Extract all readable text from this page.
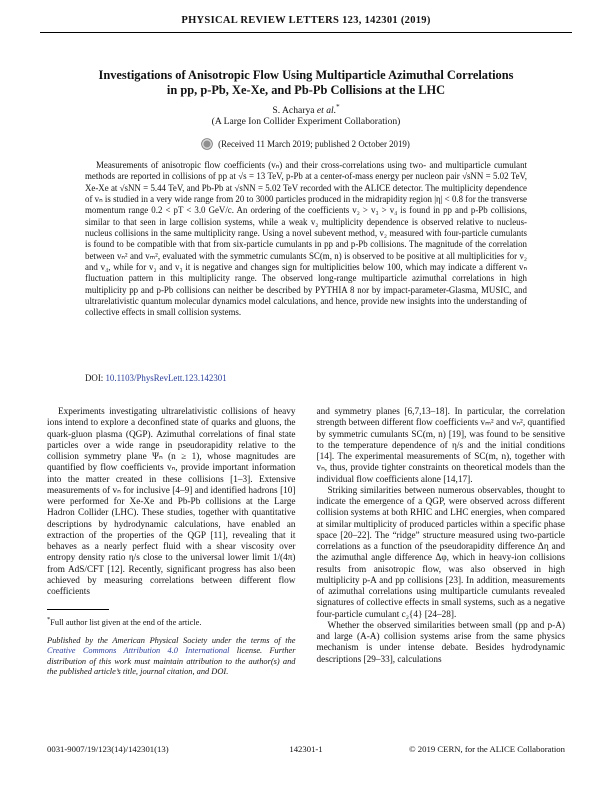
PHYSICAL REVIEW LETTERS 123, 142301 (2019)
Investigations of Anisotropic Flow Using Multiparticle Azimuthal Correlations
in pp, p-Pb, Xe-Xe, and Pb-Pb Collisions at the LHC
S. Acharya et al.*
(A Large Ion Collider Experiment Collaboration)
(Received 11 March 2019; published 2 October 2019)
Measurements of anisotropic flow coefficients (vₙ) and their cross-correlations using two- and multiparticle cumulant methods are reported in collisions of pp at √s = 13 TeV, p-Pb at a center-of-mass energy per nucleon pair √sNN = 5.02 TeV, Xe-Xe at √sNN = 5.44 TeV, and Pb-Pb at √sNN = 5.02 TeV recorded with the ALICE detector. The multiplicity dependence of vₙ is studied in a very wide range from 20 to 3000 particles produced in the midrapidity region |η| < 0.8 for the transverse momentum range 0.2 < pT < 3.0 GeV/c. An ordering of the coefficients v₂ > v₃ > v₄ is found in pp and p-Pb collisions, similar to that seen in large collision systems, while a weak v₂ multiplicity dependence is observed relative to nucleus-nucleus collisions in the same multiplicity range. Using a novel subevent method, v₂ measured with four-particle cumulants is found to be compatible with that from six-particle cumulants in pp and p-Pb collisions. The magnitude of the correlation between vₙ² and vₘ², evaluated with the symmetric cumulants SC(m, n) is observed to be positive at all multiplicities for v₂ and v₄, while for v₂ and v₃ it is negative and changes sign for multiplicities below 100, which may indicate a different vₙ fluctuation pattern in this multiplicity range. The observed long-range multiparticle azimuthal correlations in high multiplicity pp and p-Pb collisions can neither be described by PYTHIA 8 nor by impact-parameter-Glasma, MUSIC, and ultrarelativistic quantum molecular dynamics model calculations, and hence, provide new insights into the understanding of collective effects in small collision systems.
DOI: 10.1103/PhysRevLett.123.142301
Experiments investigating ultrarelativistic collisions of heavy ions intend to explore a deconfined state of quarks and gluons, the quark-gluon plasma (QGP). Azimuthal correlations of final state particles over a wide range in pseudorapidity relative to the collision symmetry plane Ψₙ (n ≥ 1), whose magnitudes are quantified by flow coefficients vₙ, provide important information into the matter created in these collisions [1–3]. Extensive measurements of vₙ for inclusive [4–9] and identified hadrons [10] were performed for Xe-Xe and Pb-Pb collisions at the Large Hadron Collider (LHC). These studies, together with quantitative descriptions by hydrodynamic calculations, have enabled an extraction of the properties of the QGP [11], revealing that it behaves as a nearly perfect fluid with a shear viscosity over entropy density ratio η/s close to the universal lower limit 1/(4π) from AdS/CFT [12]. Recently, significant progress has also been achieved by measuring correlations between different flow coefficients
*Full author list given at the end of the article.
Published by the American Physical Society under the terms of the Creative Commons Attribution 4.0 International license. Further distribution of this work must maintain attribution to the author(s) and the published article’s title, journal citation, and DOI.
and symmetry planes [6,7,13–18]. In particular, the correlation strength between different flow coefficients vₘ² and vₙ², quantified by symmetric cumulants SC(m, n) [19], was found to be sensitive to the temperature dependence of η/s and the initial conditions [14]. The experimental measurements of SC(m, n), together with vₙ, thus, provide tighter constraints on theoretical models than the individual flow coefficients alone [14,17].
Striking similarities between numerous observables, thought to indicate the emergence of a QGP, were observed across different collision systems at both RHIC and LHC energies, when compared at similar multiplicity of produced particles within a specific phase space [20–22]. The “ridge” structure measured using two-particle correlations as a function of the pseudorapidity difference Δη and the azimuthal angle difference Δφ, which in heavy-ion collisions results from anisotropic flow, was also observed in high multiplicity p-A and pp collisions [23]. In addition, measurements of azimuthal correlations using multiparticle cumulants revealed signatures of collective effects in small systems, such as a negative four-particle cumulant c₂{4} [24–28].
Whether the observed similarities between small (pp and p-A) and large (A-A) collision systems arise from the same physics mechanism is under intense debate. Besides hydrodynamic descriptions [29–33], calculations
0031-9007/19/123(14)/142301(13)	142301-1	© 2019 CERN, for the ALICE Collaboration
